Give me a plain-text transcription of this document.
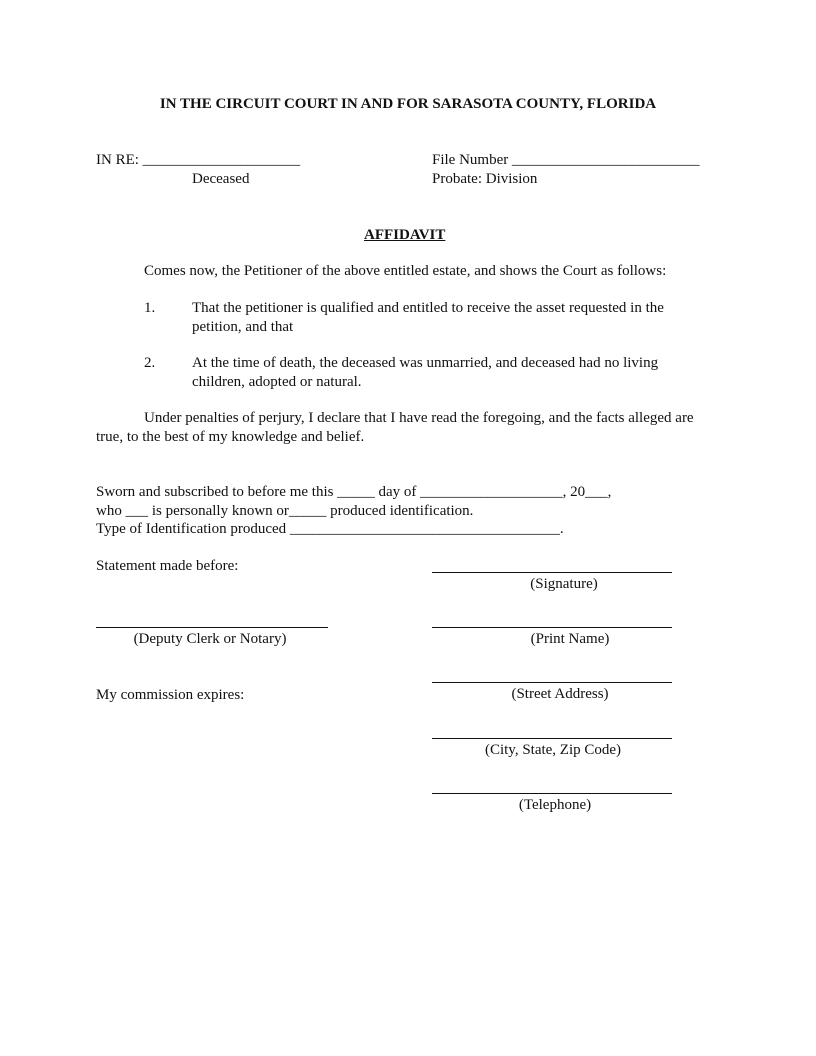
IN THE CIRCUIT COURT IN AND FOR SARASOTA COUNTY, FLORIDA
IN RE: _____________________
Deceased
File Number _________________________
Probate: Division
AFFIDAVIT
Comes now, the Petitioner of the above entitled estate, and shows the Court as follows:
1. That the petitioner is qualified and entitled to receive the asset requested in the petition, and that
2. At the time of death, the deceased was unmarried, and deceased had no living children, adopted or natural.
Under penalties of perjury, I declare that I have read the foregoing, and the facts alleged are true, to the best of my knowledge and belief.
Sworn and subscribed to before me this _____ day of ___________________, 20___,
who ___ is personally known or_____ produced identification.
Type of Identification produced ____________________________________.
Statement made before:
(Deputy Clerk or Notary)
My commission expires:
(Signature)
(Print Name)
(Street Address)
(City, State, Zip Code)
(Telephone)
